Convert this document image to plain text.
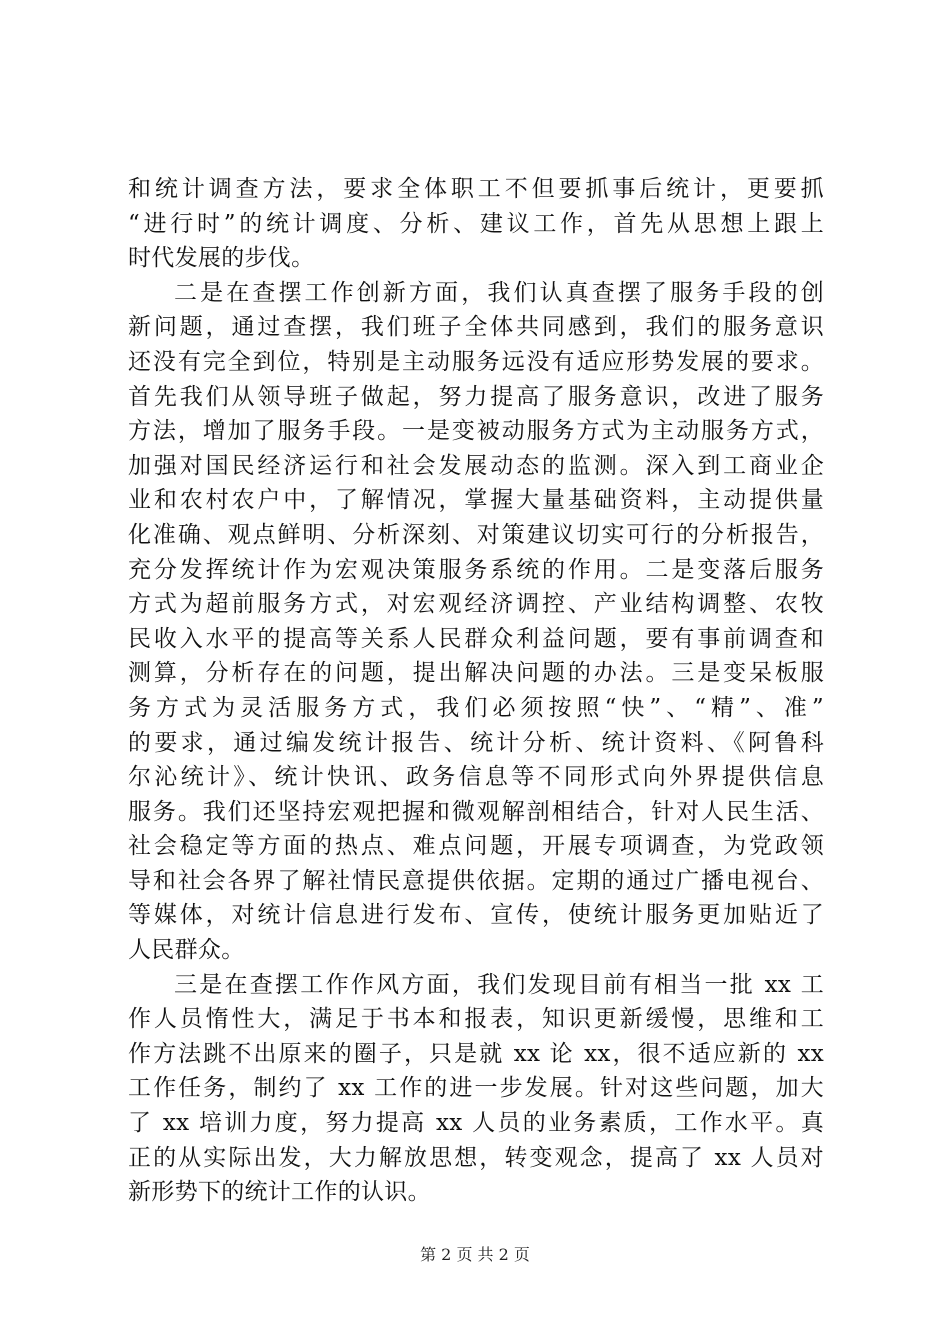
和统计调查方法，要求全体职工不但要抓事后统计，更要抓
“进行时”的统计调度、分析、建议工作，首先从思想上跟上
时代发展的步伐。
二是在查摆工作创新方面，我们认真查摆了服务手段的创
新问题，通过查摆，我们班子全体共同感到，我们的服务意识
还没有完全到位，特别是主动服务远没有适应形势发展的要求。
首先我们从领导班子做起，努力提高了服务意识，改进了服务
方法，增加了服务手段。一是变被动服务方式为主动服务方式，
加强对国民经济运行和社会发展动态的监测。深入到工商业企
业和农村农户中，了解情况，掌握大量基础资料，主动提供量
化准确、观点鲜明、分析深刻、对策建议切实可行的分析报告，
充分发挥统计作为宏观决策服务系统的作用。二是变落后服务
方式为超前服务方式，对宏观经济调控、产业结构调整、农牧
民收入水平的提高等关系人民群众利益问题，要有事前调查和
测算，分析存在的问题，提出解决问题的办法。三是变呆板服
务方式为灵活服务方式，我们必须按照“快”、“精”、准”
的要求，通过编发统计报告、统计分析、统计资料、《阿鲁科
尔沁统计》、统计快讯、政务信息等不同形式向外界提供信息
服务。我们还坚持宏观把握和微观解剖相结合，针对人民生活、
社会稳定等方面的热点、难点问题，开展专项调查，为党政领
导和社会各界了解社情民意提供依据。定期的通过广播电视台、
等媒体，对统计信息进行发布、宣传，使统计服务更加贴近了
人民群众。
三是在查摆工作作风方面，我们发现目前有相当一批 xx 工
作人员惰性大，满足于书本和报表，知识更新缓慢，思维和工
作方法跳不出原来的圈子，只是就 xx 论 xx，很不适应新的 xx
工作任务，制约了 xx 工作的进一步发展。针对这些问题，加大
了 xx 培训力度，努力提高 xx 人员的业务素质，工作水平。真
正的从实际出发，大力解放思想，转变观念，提高了 xx 人员对
新形势下的统计工作的认识。
第 2 页 共 2 页
